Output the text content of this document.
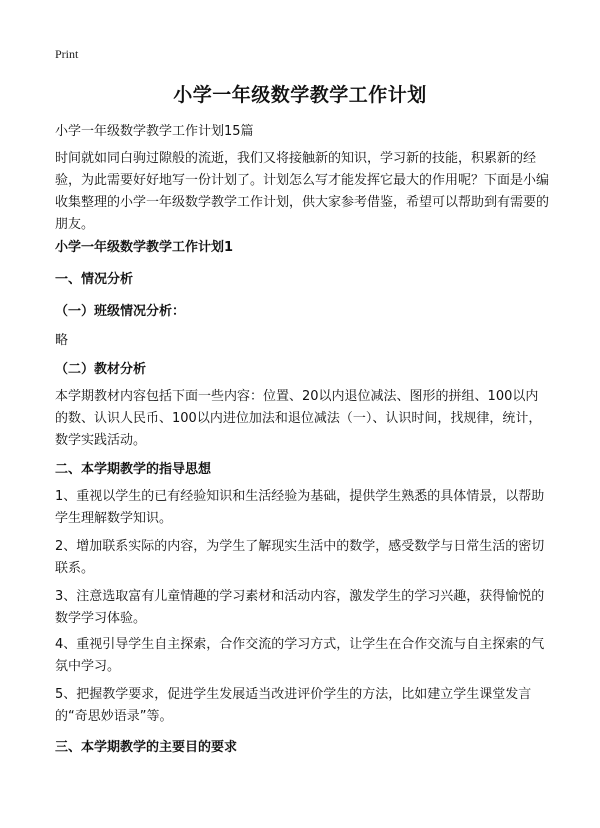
Print
小学一年级数学教学工作计划
小学一年级数学教学工作计划15篇
时间就如同白驹过隙般的流逝，我们又将接触新的知识，学习新的技能，积累新的经验，为此需要好好地写一份计划了。计划怎么写才能发挥它最大的作用呢？下面是小编收集整理的小学一年级数学教学工作计划，供大家参考借鉴，希望可以帮助到有需要的朋友。
小学一年级数学教学工作计划1
一、情况分析
（一）班级情况分析：
略
（二）教材分析
本学期教材内容包括下面一些内容：位置、20以内退位减法、图形的拼组、100以内的数、认识人民币、100以内进位加法和退位减法（一）、认识时间，找规律，统计，数学实践活动。
二、本学期教学的指导思想
1、重视以学生的已有经验知识和生活经验为基础，提供学生熟悉的具体情景，以帮助学生理解数学知识。
2、增加联系实际的内容，为学生了解现实生活中的数学，感受数学与日常生活的密切联系。
3、注意选取富有儿童情趣的学习素材和活动内容，激发学生的学习兴趣，获得愉悦的数学学习体验。
4、重视引导学生自主探索，合作交流的学习方式，让学生在合作交流与自主探索的气氛中学习。
5、把握教学要求，促进学生发展适当改进评价学生的方法，比如建立学生课堂发言的“奇思妙语录”等。
三、本学期教学的主要目的要求
